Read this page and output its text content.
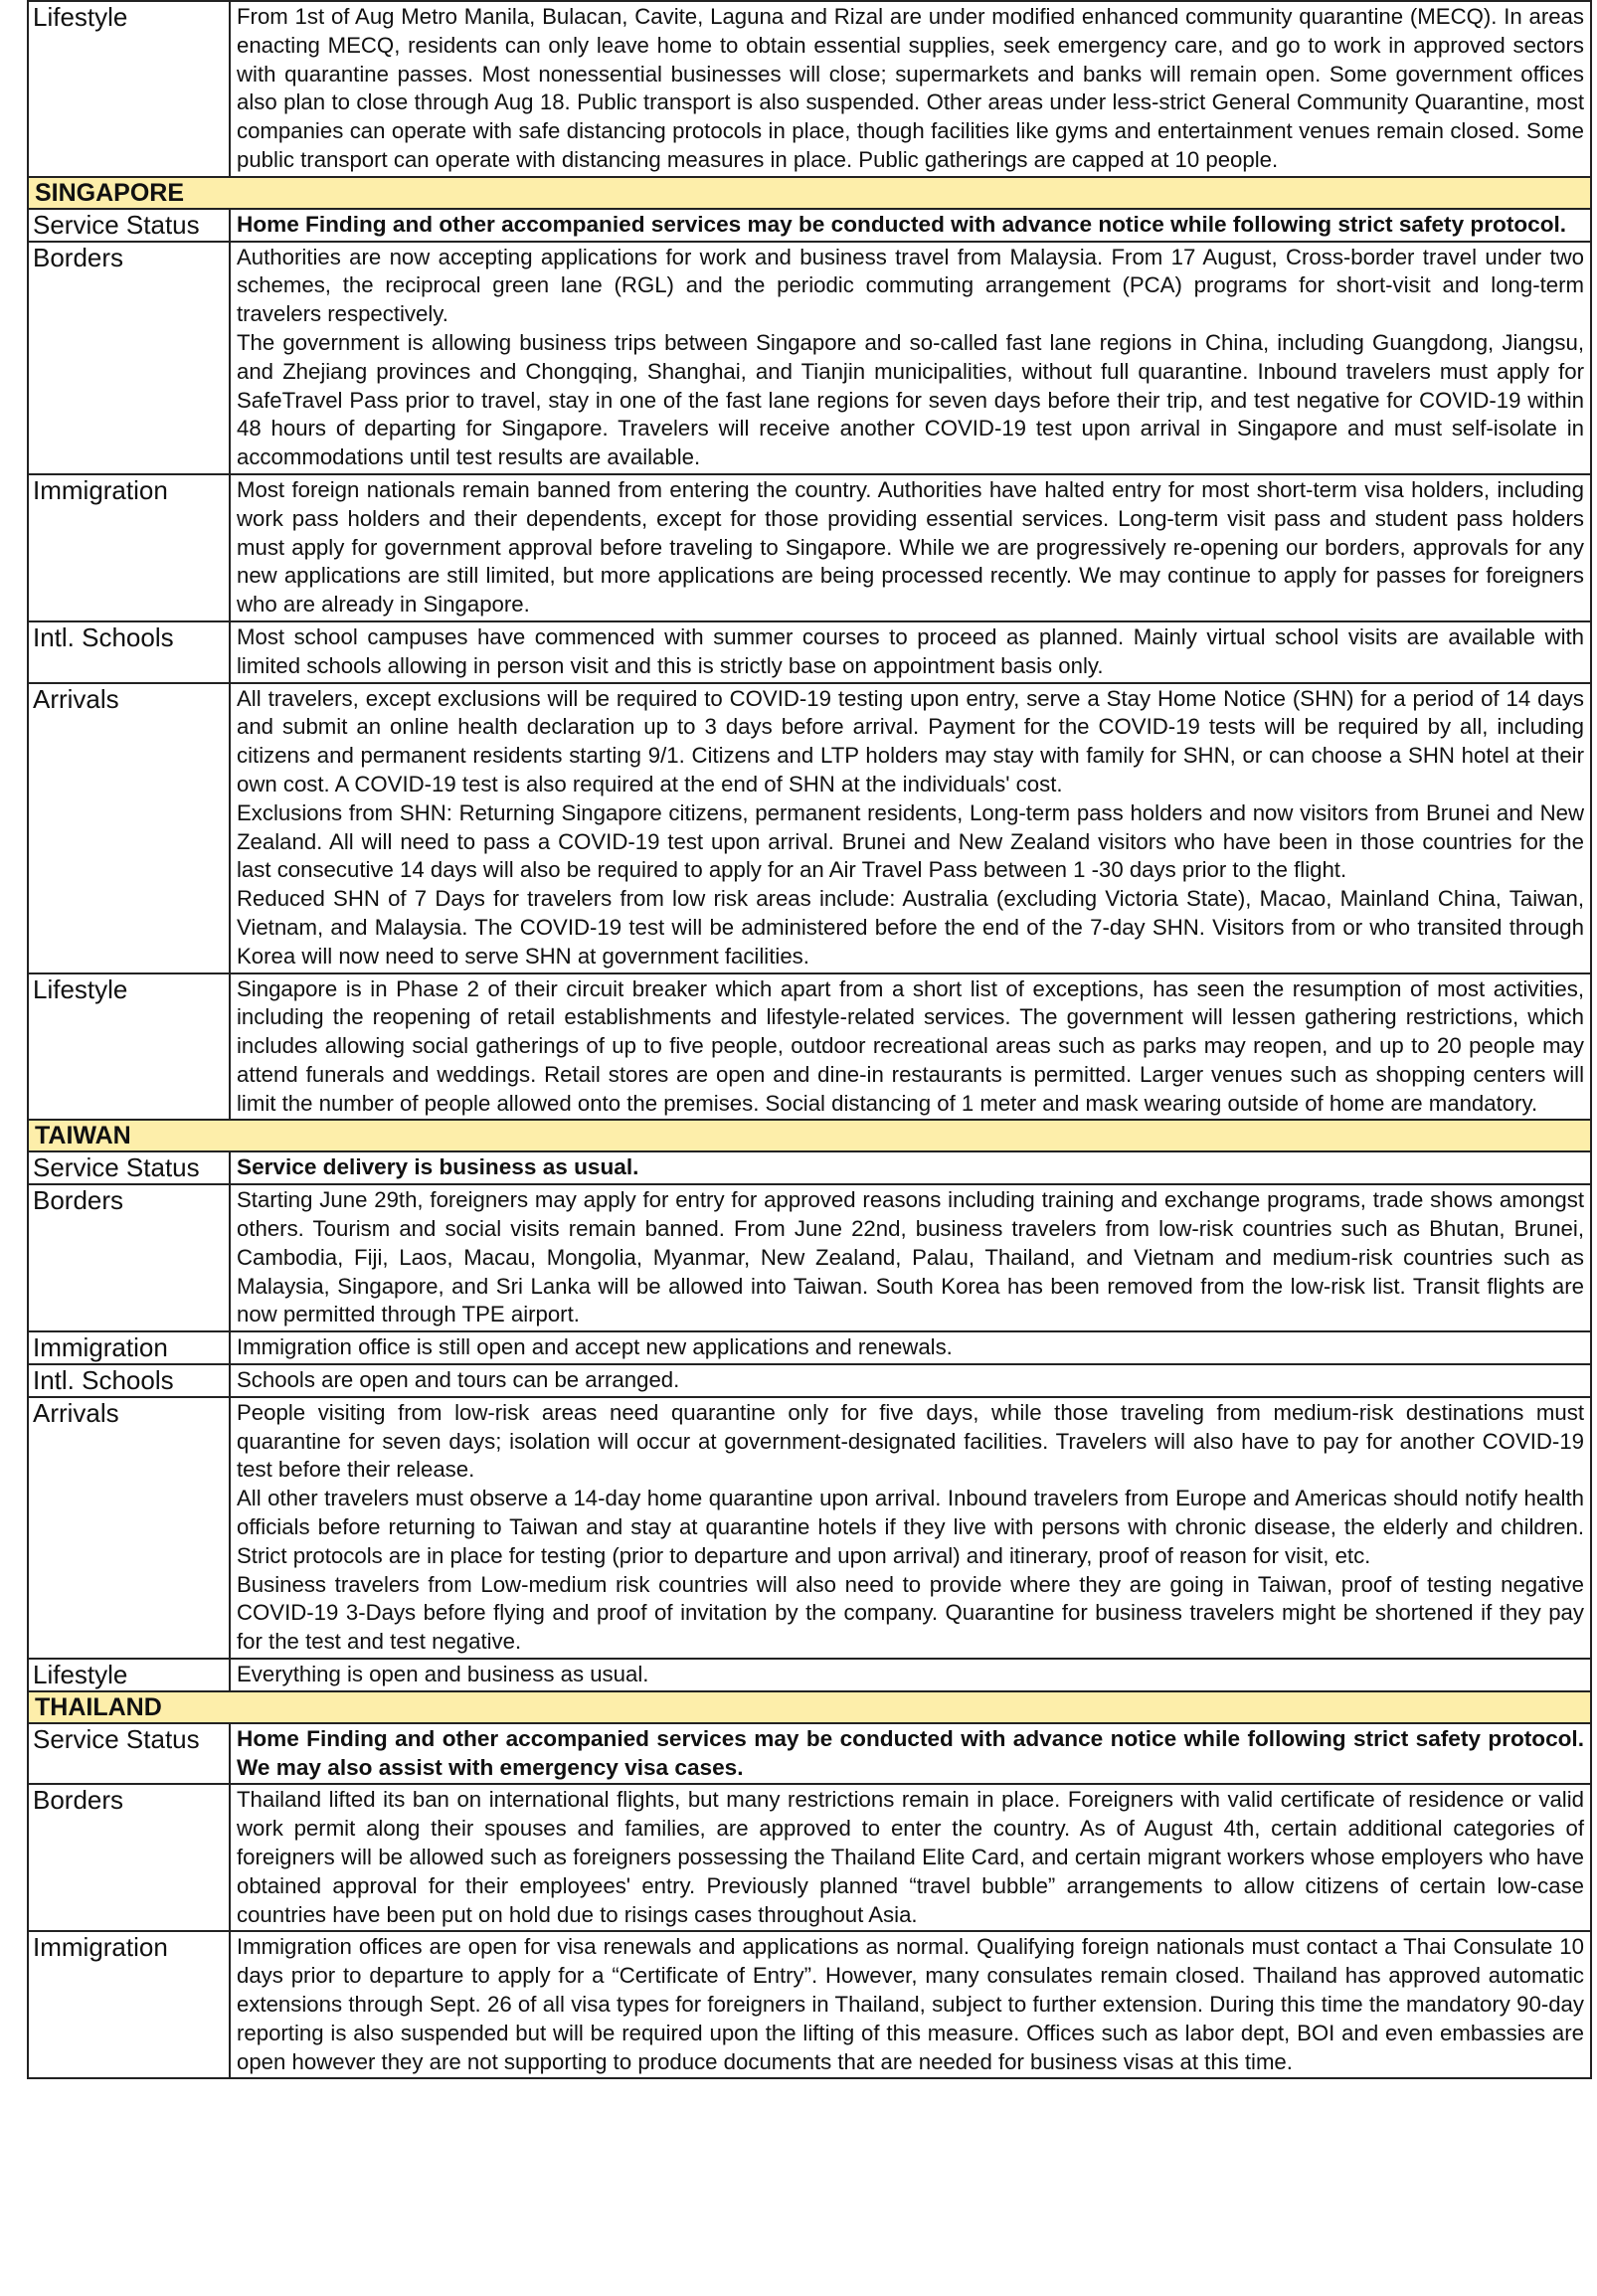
Lifestyle	From 1st of Aug Metro Manila, Bulacan, Cavite, Laguna and Rizal are under modified enhanced community quarantine (MECQ). In areas enacting MECQ, residents can only leave home to obtain essential supplies, seek emergency care, and go to work in approved sectors with quarantine passes. Most nonessential businesses will close; supermarkets and banks will remain open. Some government offices also plan to close through Aug 18. Public transport is also suspended. Other areas under less-strict General Community Quarantine, most companies can operate with safe distancing protocols in place, though facilities like gyms and entertainment venues remain closed. Some public transport can operate with distancing measures in place. Public gatherings are capped at 10 people.
SINGAPORE	
Service Status	Home Finding and other accompanied services may be conducted with advance notice while following strict safety protocol.
Borders	Authorities are now accepting applications for work and business travel from Malaysia. From 17 August, Cross-border travel under two schemes, the reciprocal green lane (RGL) and the periodic commuting arrangement (PCA) programs for short-visit and long-term travelers respectively.
The government is allowing business trips between Singapore and so-called fast lane regions in China, including Guangdong, Jiangsu, and Zhejiang provinces and Chongqing, Shanghai, and Tianjin municipalities, without full quarantine. Inbound travelers must apply for SafeTravel Pass prior to travel, stay in one of the fast lane regions for seven days before their trip, and test negative for COVID-19 within 48 hours of departing for Singapore. Travelers will receive another COVID-19 test upon arrival in Singapore and must self-isolate in accommodations until test results are available.
Immigration	Most foreign nationals remain banned from entering the country. Authorities have halted entry for most short-term visa holders, including work pass holders and their dependents, except for those providing essential services. Long-term visit pass and student pass holders must apply for government approval before traveling to Singapore. While we are progressively re-opening our borders, approvals for any new applications are still limited, but more applications are being processed recently. We may continue to apply for passes for foreigners who are already in Singapore.
Intl. Schools	Most school campuses have commenced with summer courses to proceed as planned. Mainly virtual school visits are available with limited schools allowing in person visit and this is strictly base on appointment basis only.
Arrivals	All travelers, except exclusions will be required to COVID-19 testing upon entry, serve a Stay Home Notice (SHN) for a period of 14 days and submit an online health declaration up to 3 days before arrival. Payment for the COVID-19 tests will be required by all, including citizens and permanent residents starting 9/1. Citizens and LTP holders may stay with family for SHN, or can choose a SHN hotel at their own cost. A COVID-19 test is also required at the end of SHN at the individuals' cost.
Exclusions from SHN: Returning Singapore citizens, permanent residents, Long-term pass holders and now visitors from Brunei and New Zealand. All will need to pass a COVID-19 test upon arrival. Brunei and New Zealand visitors who have been in those countries for the last consecutive 14 days will also be required to apply for an Air Travel Pass between 1 -30 days prior to the flight.
Reduced SHN of 7 Days for travelers from low risk areas include: Australia (excluding Victoria State), Macao, Mainland China, Taiwan, Vietnam, and Malaysia. The COVID-19 test will be administered before the end of the 7-day SHN. Visitors from or who transited through Korea will now need to serve SHN at government facilities.
Lifestyle	Singapore is in Phase 2 of their circuit breaker which apart from a short list of exceptions, has seen the resumption of most activities, including the reopening of retail establishments and lifestyle-related services. The government will lessen gathering restrictions, which includes allowing social gatherings of up to five people, outdoor recreational areas such as parks may reopen, and up to 20 people may attend funerals and weddings. Retail stores are open and dine-in restaurants is permitted. Larger venues such as shopping centers will limit the number of people allowed onto the premises. Social distancing of 1 meter and mask wearing outside of home are mandatory.
TAIWAN	
Service Status	Service delivery is business as usual.
Borders	Starting June 29th, foreigners may apply for entry for approved reasons including training and exchange programs, trade shows amongst others. Tourism and social visits remain banned. From June 22nd, business travelers from low-risk countries such as Bhutan, Brunei, Cambodia, Fiji, Laos, Macau, Mongolia, Myanmar, New Zealand, Palau, Thailand, and Vietnam and medium-risk countries such as Malaysia, Singapore, and Sri Lanka will be allowed into Taiwan. South Korea has been removed from the low-risk list. Transit flights are now permitted through TPE airport.
Immigration	Immigration office is still open and accept new applications and renewals.
Intl. Schools	Schools are open and tours can be arranged.
Arrivals	People visiting from low-risk areas need quarantine only for five days, while those traveling from medium-risk destinations must quarantine for seven days; isolation will occur at government-designated facilities. Travelers will also have to pay for another COVID-19 test before their release.
All other travelers must observe a 14-day home quarantine upon arrival. Inbound travelers from Europe and Americas should notify health officials before returning to Taiwan and stay at quarantine hotels if they live with persons with chronic disease, the elderly and children. Strict protocols are in place for testing (prior to departure and upon arrival) and itinerary, proof of reason for visit, etc.
Business travelers from Low-medium risk countries will also need to provide where they are going in Taiwan, proof of testing negative COVID-19 3-Days before flying and proof of invitation by the company. Quarantine for business travelers might be shortened if they pay for the test and test negative.
Lifestyle	Everything is open and business as usual.
THAILAND	
Service Status	Home Finding and other accompanied services may be conducted with advance notice while following strict safety protocol. We may also assist with emergency visa cases.
Borders	Thailand lifted its ban on international flights, but many restrictions remain in place. Foreigners with valid certificate of residence or valid work permit along their spouses and families, are approved to enter the country. As of August 4th, certain additional categories of foreigners will be allowed such as foreigners possessing the Thailand Elite Card, and certain migrant workers whose employers who have obtained approval for their employees' entry. Previously planned “travel bubble” arrangements to allow citizens of certain low-case countries have been put on hold due to risings cases throughout Asia.
Immigration	Immigration offices are open for visa renewals and applications as normal. Qualifying foreign nationals must contact a Thai Consulate 10 days prior to departure to apply for a “Certificate of Entry”. However, many consulates remain closed. Thailand has approved automatic extensions through Sept. 26 of all visa types for foreigners in Thailand, subject to further extension. During this time the mandatory 90-day reporting is also suspended but will be required upon the lifting of this measure. Offices such as labor dept, BOI and even embassies are open however they are not supporting to produce documents that are needed for business visas at this time.
